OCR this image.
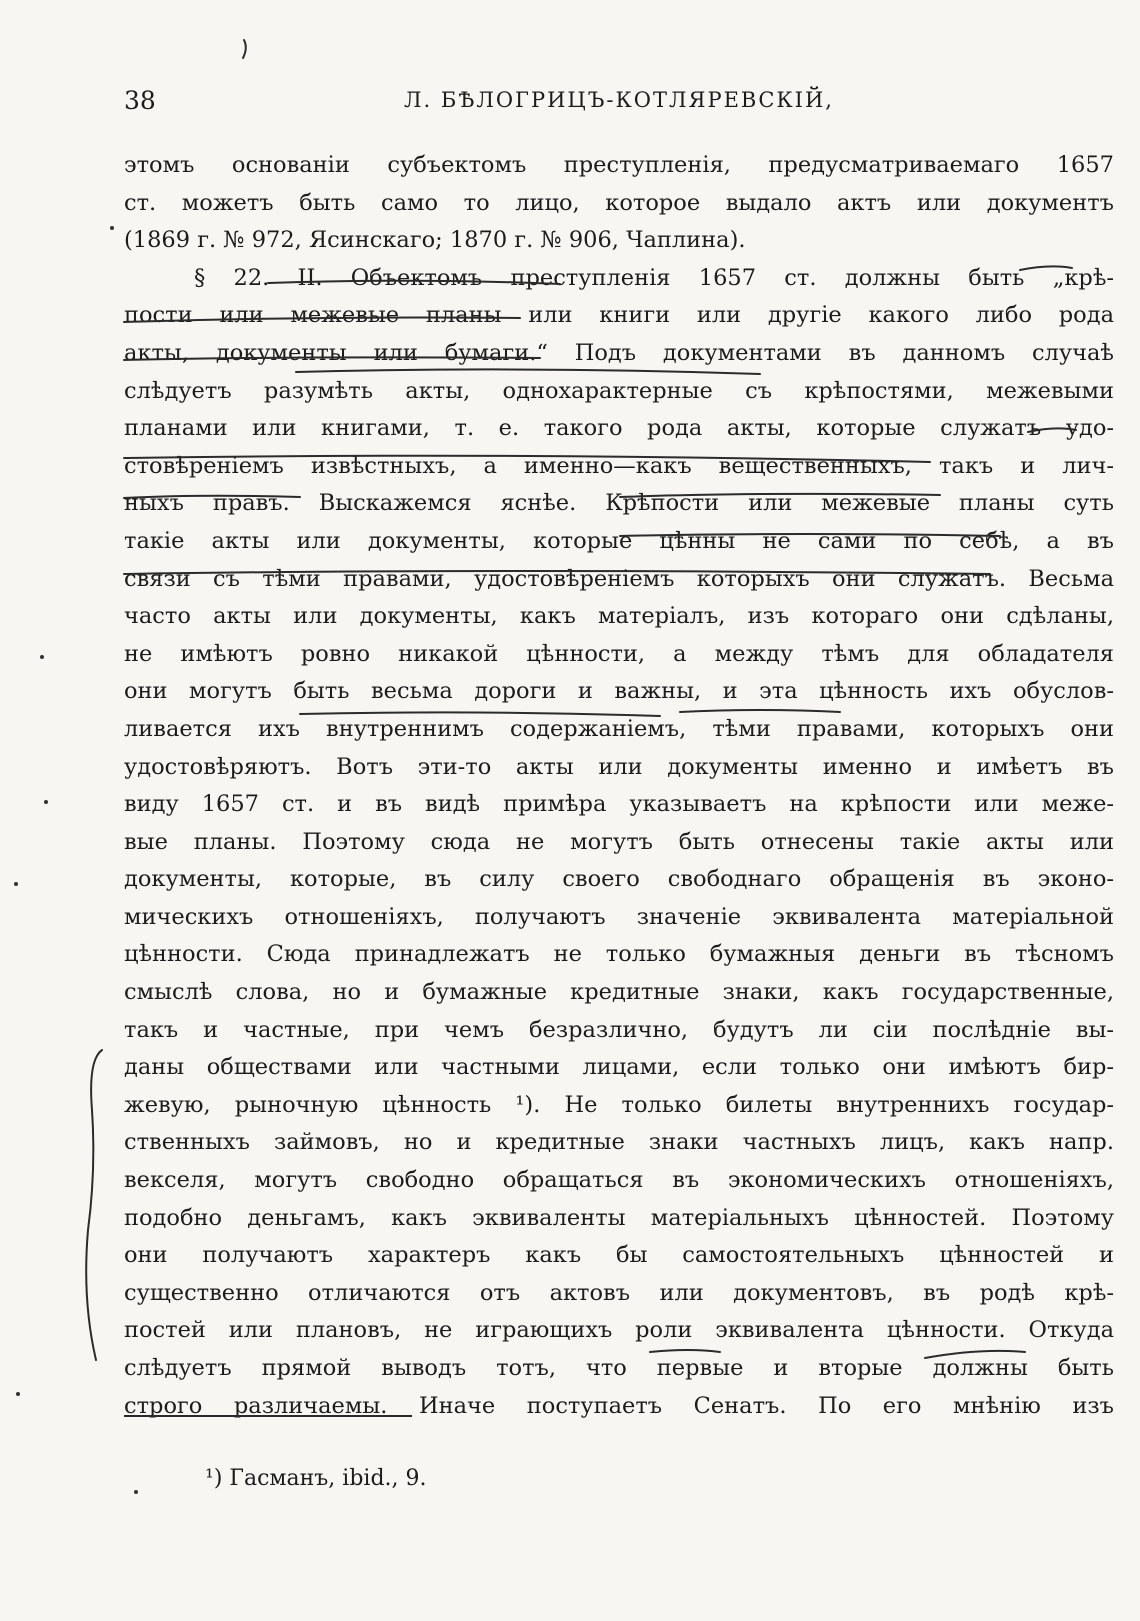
38	Л. БѢЛОГРИЦЪ-КОТЛЯРЕВСКІЙ,
этомъ основаніи субъектомъ преступленія, предусматриваемаго 1657
ст. можетъ быть само то лицо, которое выдало актъ или документъ
(1869 г. № 972, Ясинскаго; 1870 г. № 906, Чаплина).
§ 22. II. Объектомъ преступленія 1657 ст. должны быть „крѣ-
пости или межевые планы или книги или другіе какого либо рода
акты, документы или бумаги.“ Подъ документами въ данномъ случаѣ
слѣдуетъ разумѣть акты, однохарактерные съ крѣпостями, межевыми
планами или книгами, т. е. такого рода акты, которые служатъ удо-
стовѣреніемъ извѣстныхъ, а именно—какъ вещественныхъ, такъ и лич-
ныхъ правъ. Выскажемся яснѣе. Крѣпости или межевые планы суть
такіе акты или документы, которые цѣнны не сами по себѣ, а въ
связи съ тѣми правами, удостовѣреніемъ которыхъ они служатъ. Весьма
часто акты или документы, какъ матеріалъ, изъ котораго они сдѣланы,
не имѣютъ ровно никакой цѣнности, а между тѣмъ для обладателя
они могутъ быть весьма дороги и важны, и эта цѣнность ихъ обуслов-
ливается ихъ внутреннимъ содержаніемъ, тѣми правами, которыхъ они
удостовѣряютъ. Вотъ эти-то акты или документы именно и имѣетъ въ
виду 1657 ст. и въ видѣ примѣра указываетъ на крѣпости или меже-
вые планы. Поэтому сюда не могутъ быть отнесены такіе акты или
документы, которые, въ силу своего свободнаго обращенія въ эконо-
мическихъ отношеніяхъ, получаютъ значеніе эквивалента матеріальной
цѣнности. Сюда принадлежатъ не только бумажныя деньги въ тѣсномъ
смыслѣ слова, но и бумажные кредитные знаки, какъ государственные,
такъ и частные, при чемъ безразлично, будутъ ли сіи послѣдніе вы-
даны обществами или частными лицами, если только они имѣютъ бир-
жевую, рыночную цѣнность ¹). Не только билеты внутреннихъ государ-
ственныхъ займовъ, но и кредитные знаки частныхъ лицъ, какъ напр.
векселя, могутъ свободно обращаться въ экономическихъ отношеніяхъ,
подобно деньгамъ, какъ эквиваленты матеріальныхъ цѣнностей. Поэтому
они получаютъ характеръ какъ бы самостоятельныхъ цѣнностей и
существенно отличаются отъ актовъ или документовъ, въ родѣ крѣ-
постей или плановъ, не играющихъ роли эквивалента цѣнности. Откуда
слѣдуетъ прямой выводъ тотъ, что первые и вторые должны быть
строго различаемы. Иначе поступаетъ Сенатъ. По его мнѣнію изъ
¹) Гасманъ, ibid., 9.
